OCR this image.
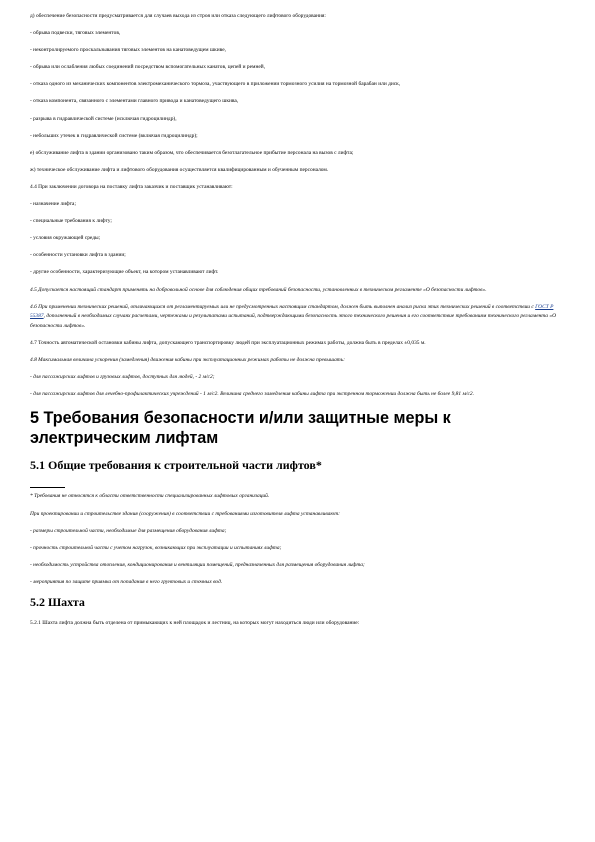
д) обеспечение безопасности предусматривается для случаев выхода из строя или отказа следующего лифтового оборудования:

- обрыва подвески, тяговых элементов,

- неконтролируемого проскальзывания тяговых элементов на канатоведущем шкиве,

- обрыва или ослабления любых соединений посредством вспомогательных канатов, цепей и ремней,

- отказа одного из механических компонентов электромеханического тормоза, участвующего в приложении тормозного усилия на тормозной барабан или диск,

- отказа компонента, связанного с элементами главного привода и канатоведущего шкива,

- разрыва в гидравлической системе (исключая гидроцилиндр),

- небольших утечек в гидравлической системе (включая гидроцилиндр);

е) обслуживание лифта в здании организовано таким образом, что обеспечивается безотлагательное прибытие персонала на вызов с лифта;

ж) техническое обслуживание лифта и лифтового оборудования осуществляется квалифицированным и обученным персоналом.

4.4 При заключении договора на поставку лифта заказчик и поставщик устанавливают:

- назначение лифта;

- специальные требования к лифту;

- условия окружающей среды;

- особенности установки лифта в здании;

- другие особенности, характеризующие объект, на котором устанавливают лифт.

4.5 Допускается настоящий стандарт применять на добровольной основе для соблюдения общих требований безопасности, установленных в техническом регламенте «О безопасности лифтов».

4.6 При применении технических решений, отличающихся от регламентируемых или не предусмотренных настоящим стандартом, должен быть выполнен анализ риска этих технических решений в соответствии с ГОСТ Р 55387, дополненный в необходимых случаях расчетами, чертежами и результатами испытаний, подтверждающими безопасность этого технического решения и его соответствие требованиям технического регламента «О безопасности лифтов».

4.7 Точность автоматической остановки кабины лифта, допускающего транспортировку людей при эксплуатационных режимах работы, должна быть в пределах ±0,035 м.

4.8 Максимальная величина ускорения (замедления) движения кабины при эксплуатационных режимах работы не должна превышать:

- для пассажирских лифтов и грузовых лифтов, доступных для людей, - 2 м/с2;

- для пассажирских лифтов для лечебно-профилактических учреждений - 1 м/с2. Величина среднего замедления кабины лифта при экстренном торможении должна быть не более 9,81 м/с2.

5 Требования безопасности и/или защитные меры к электрическим лифтам
5.1 Общие требования к строительной части лифтов*

* Требования не относятся к области ответственности специализированных лифтовых организаций.

При проектировании и строительстве здания (сооружения) в соответствии с требованиями изготовителя лифта устанавливают:

- размеры строительной части, необходимые для размещения оборудования лифта;

- прочность строительной части с учетом нагрузок, возникающих при эксплуатации и испытаниях лифта;

- необходимость устройства отопления, кондиционирования и вентиляции помещений, предназначенных для размещения оборудования лифта;

- мероприятия по защите приямка от попадания в него грунтовых и сточных вод.

5.2 Шахта

5.2.1 Шахта лифта должна быть отделена от примыкающих к ней площадок и лестниц, на которых могут находиться люди или оборудование:
